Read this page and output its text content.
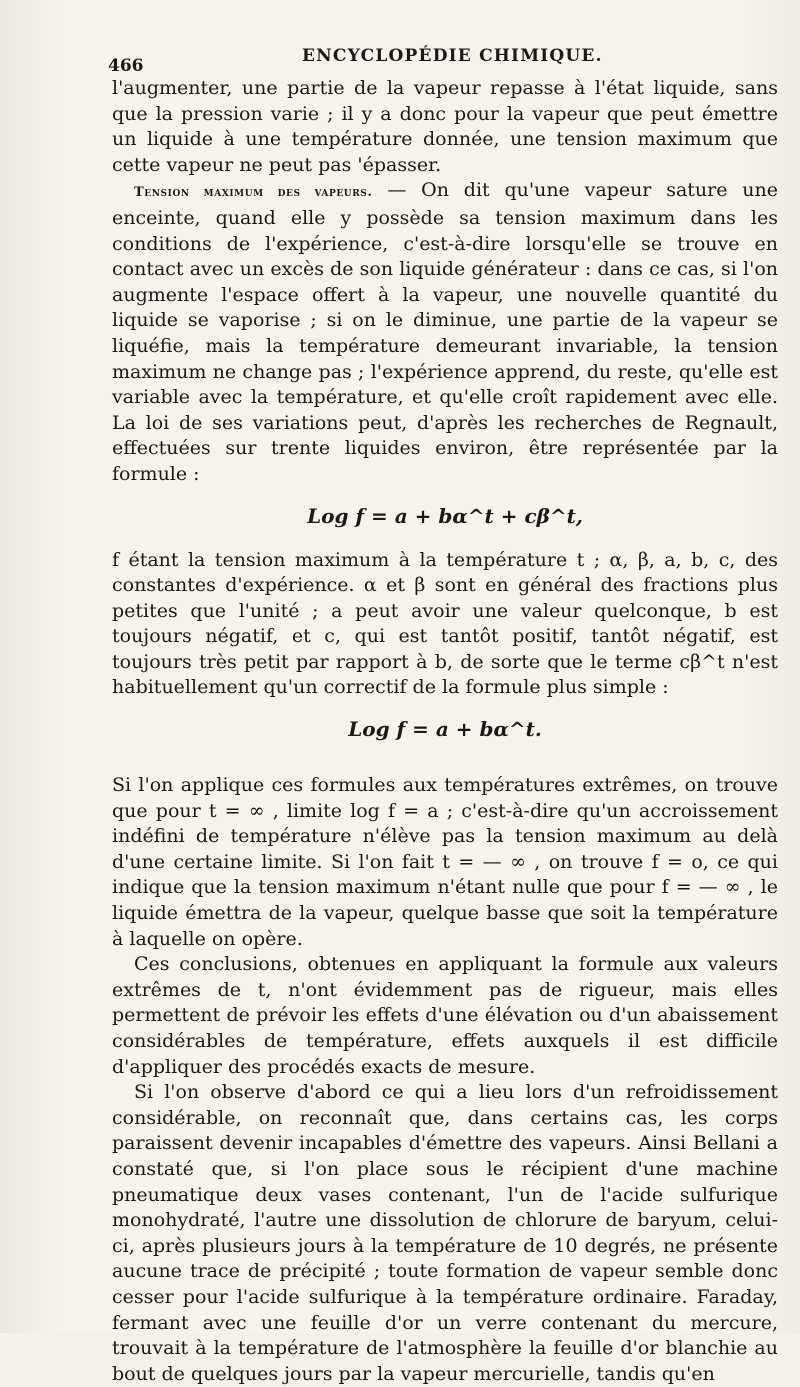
466	ENCYCLOPÉDIE CHIMIQUE.

l'augmenter, une partie de la vapeur repasse à l'état liquide, sans que la pression varie ; il y a donc pour la vapeur que peut émettre un liquide à une température donnée, une tension maximum que cette vapeur ne peut pas 'épasser.

Tension maximum des vapeurs. — On dit qu'une vapeur sature une enceinte, quand elle y possède sa tension maximum dans les conditions de l'expérience, c'est-à-dire lorsqu'elle se trouve en contact avec un excès de son liquide générateur : dans ce cas, si l'on augmente l'espace offert à la vapeur, une nouvelle quantité du liquide se vaporise ; si on le diminue, une partie de la vapeur se liquéfie, mais la température demeurant invariable, la tension maximum ne change pas ; l'expérience apprend, du reste, qu'elle est variable avec la température, et qu'elle croît rapidement avec elle. La loi de ses variations peut, d'après les recherches de Regnault, effectuées sur trente liquides environ, être représentée par la formule :

Log f = a + bα^t + cβ^t,

f étant la tension maximum à la température t ; α, β, a, b, c, des constantes d'expérience. α et β sont en général des fractions plus petites que l'unité ; a peut avoir une valeur quelconque, b est toujours négatif, et c, qui est tantôt positif, tantôt négatif, est toujours très petit par rapport à b, de sorte que le terme cβ^t n'est habituellement qu'un correctif de la formule plus simple :

Log f = a + bα^t.

Si l'on applique ces formules aux températures extrêmes, on trouve que pour t = ∞ , limite log f = a ; c'est-à-dire qu'un accroissement indéfini de température n'élève pas la tension maximum au delà d'une certaine limite. Si l'on fait t = — ∞ , on trouve f = o, ce qui indique que la tension maximum n'étant nulle que pour f = — ∞ , le liquide émettra de la vapeur, quelque basse que soit la température à laquelle on opère.

Ces conclusions, obtenues en appliquant la formule aux valeurs extrêmes de t, n'ont évidemment pas de rigueur, mais elles permettent de prévoir les effets d'une élévation ou d'un abaissement considérables de température, effets auxquels il est difficile d'appliquer des procédés exacts de mesure.

Si l'on observe d'abord ce qui a lieu lors d'un refroidissement considérable, on reconnaît que, dans certains cas, les corps paraissent devenir incapables d'émettre des vapeurs. Ainsi Bellani a constaté que, si l'on place sous le récipient d'une machine pneumatique deux vases contenant, l'un de l'acide sulfurique monohydraté, l'autre une dissolution de chlorure de baryum, celui-ci, après plusieurs jours à la température de 10 degrés, ne présente aucune trace de précipité ; toute formation de vapeur semble donc cesser pour l'acide sulfurique à la température ordinaire. Faraday, fermant avec une feuille d'or un verre contenant du mercure, trouvait à la température de l'atmosphère la feuille d'or blanchie au bout de quelques jours par la vapeur mercurielle, tandis qu'en
